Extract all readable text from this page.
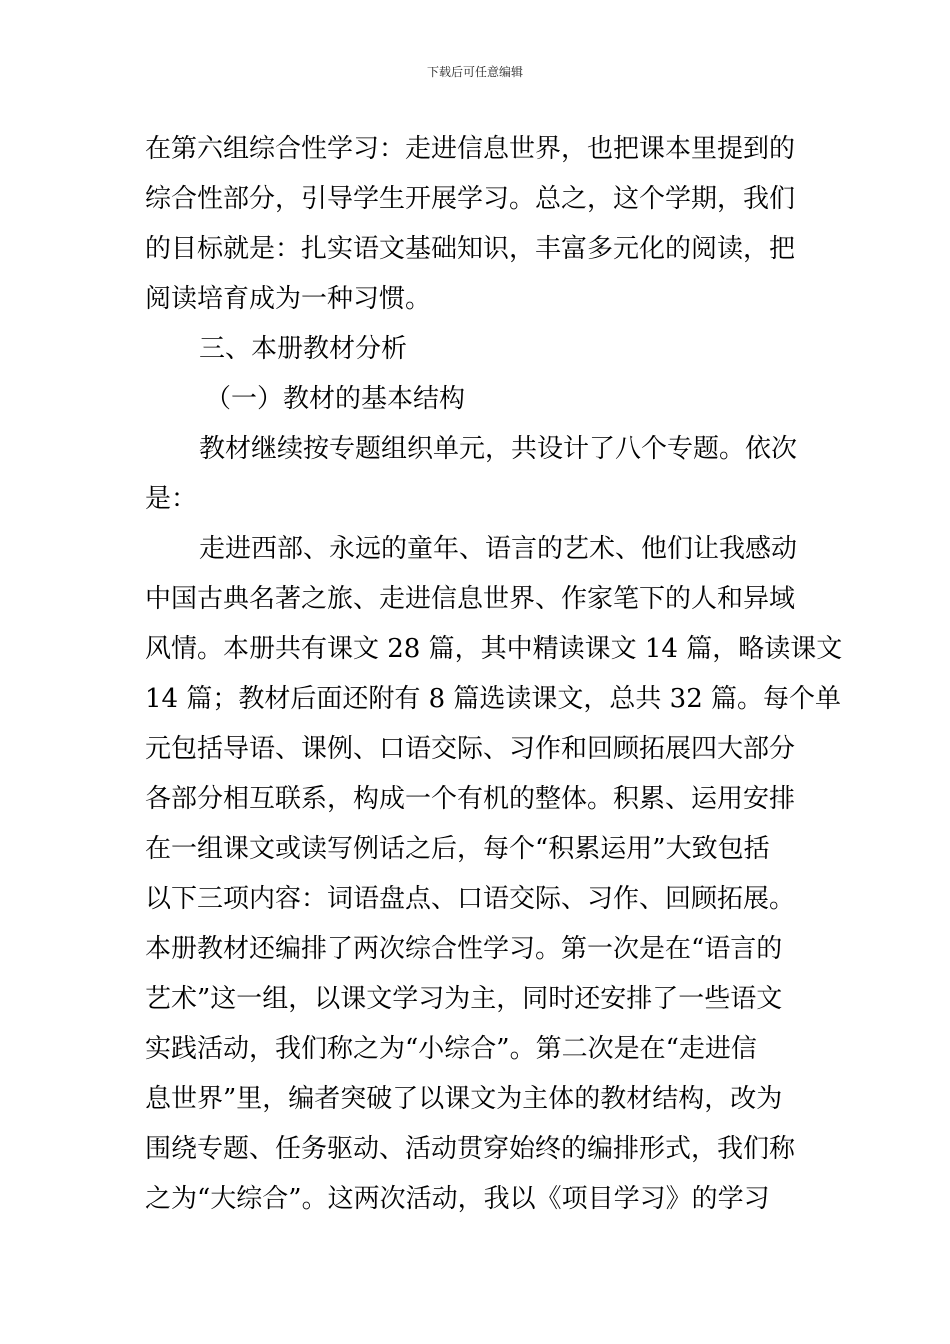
下载后可任意编辑
在第六组综合性学习：走进信息世界，也把课本里提到的
综合性部分，引导学生开展学习。总之，这个学期，我们
的目标就是：扎实语文基础知识，丰富多元化的阅读，把
阅读培育成为一种习惯。
三、本册教材分析
（一）教材的基本结构
教材继续按专题组织单元，共设计了八个专题。依次
是：
走进西部、永远的童年、语言的艺术、他们让我感动
中国古典名著之旅、走进信息世界、作家笔下的人和异域
风情。本册共有课文 28 篇，其中精读课文 14 篇，略读课文
14 篇；教材后面还附有 8 篇选读课文，总共 32 篇。每个单
元包括导语、课例、口语交际、习作和回顾拓展四大部分
各部分相互联系，构成一个有机的整体。积累、运用安排
在一组课文或读写例话之后，每个“积累运用”大致包括
以下三项内容：词语盘点、口语交际、习作、回顾拓展。
本册教材还编排了两次综合性学习。第一次是在“语言的
艺术”这一组，以课文学习为主，同时还安排了一些语文
实践活动，我们称之为“小综合”。第二次是在“走进信
息世界”里，编者突破了以课文为主体的教材结构，改为
围绕专题、任务驱动、活动贯穿始终的编排形式，我们称
之为“大综合”。这两次活动，我以《项目学习》的学习
